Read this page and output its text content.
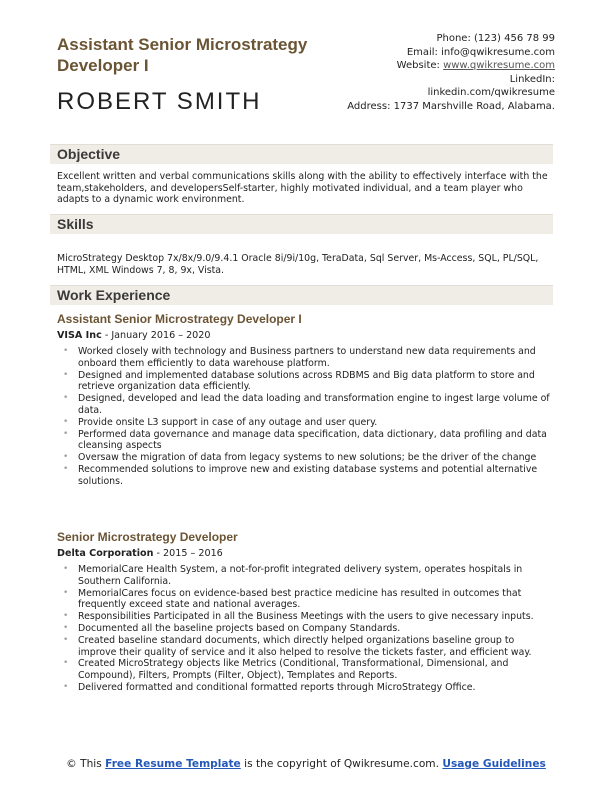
Assistant Senior Microstrategy Developer I
ROBERT SMITH
Phone: (123) 456 78 99
Email: info@qwikresume.com
Website: www.qwikresume.com
LinkedIn:
linkedin.com/qwikresume
Address: 1737 Marshville Road, Alabama.
Objective
Excellent written and verbal communications skills along with the ability to effectively interface with the team,stakeholders, and developersSelf-starter, highly motivated individual, and a team player who adapts to a dynamic work environment.
Skills
MicroStrategy Desktop 7x/8x/9.0/9.4.1 Oracle 8i/9i/10g, TeraData, Sql Server, Ms-Access, SQL, PL/SQL, HTML, XML Windows 7, 8, 9x, Vista.
Work Experience
Assistant Senior Microstrategy Developer I
VISA Inc - January 2016 – 2020
• Worked closely with technology and Business partners to understand new data requirements and onboard them efficiently to data warehouse platform.
• Designed and implemented database solutions across RDBMS and Big data platform to store and retrieve organization data efficiently.
• Designed, developed and lead the data loading and transformation engine to ingest large volume of data.
• Provide onsite L3 support in case of any outage and user query.
• Performed data governance and manage data specification, data dictionary, data profiling and data cleansing aspects
• Oversaw the migration of data from legacy systems to new solutions; be the driver of the change
• Recommended solutions to improve new and existing database systems and potential alternative solutions.
Senior Microstrategy Developer
Delta Corporation - 2015 – 2016
• MemorialCare Health System, a not-for-profit integrated delivery system, operates hospitals in Southern California.
• MemorialCares focus on evidence-based best practice medicine has resulted in outcomes that frequently exceed state and national averages.
• Responsibilities Participated in all the Business Meetings with the users to give necessary inputs.
• Documented all the baseline projects based on Company Standards.
• Created baseline standard documents, which directly helped organizations baseline group to improve their quality of service and it also helped to resolve the tickets faster, and efficient way.
• Created MicroStrategy objects like Metrics (Conditional, Transformational, Dimensional, and Compound), Filters, Prompts (Filter, Object), Templates and Reports.
• Delivered formatted and conditional formatted reports through MicroStrategy Office.
© This Free Resume Template is the copyright of Qwikresume.com. Usage Guidelines
